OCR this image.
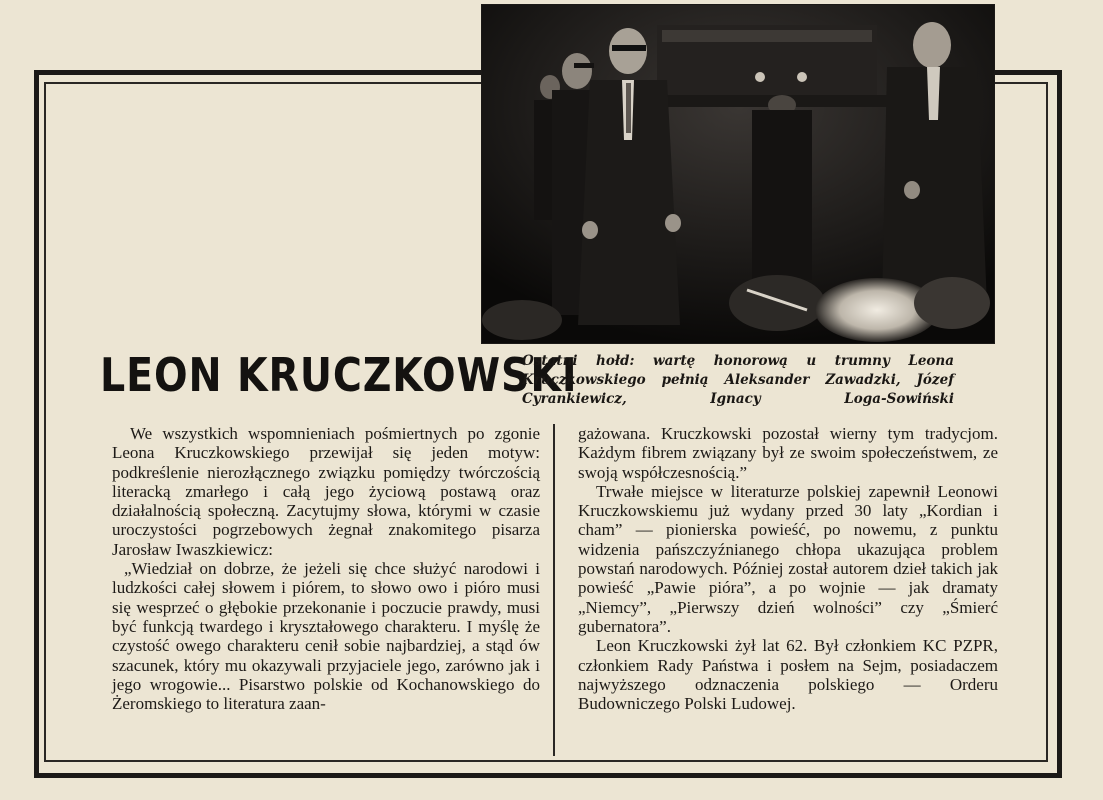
LEON KRUCZKOWSKI
Ostatni hołd: wartę honorową u trumny Leona Kruczkowskiego pełnią Aleksander Zawadzki, Józef Cyrankiewicz, Ignacy Loga-Sowiński

We wszystkich wspomnieniach pośmiertnych po zgonie Leona Kruczkowskiego przewijał się jeden motyw: podkreślenie nierozłącznego związku pomiędzy twórczością literacką zmarłego i całą jego życiową postawą oraz działalnością społeczną. Zacytujmy słowa, którymi w czasie uroczystości pogrzebowych żegnał znakomitego pisarza Jarosław Iwaszkiewicz:

„Wiedział on dobrze, że jeżeli się chce służyć narodowi i ludzkości całej słowem i piórem, to słowo owo i pióro musi się wesprzeć o głębokie przekonanie i poczucie prawdy, musi być funkcją twardego i kryształowego charakteru. I myślę że czystość owego charakteru cenił sobie najbardziej, a stąd ów szacunek, który mu okazywali przyjaciele jego, zarówno jak i jego wrogowie... Pisarstwo polskie od Kochanowskiego do Żeromskiego to literatura zaan-

gażowana. Kruczkowski pozostał wierny tym tradycjom. Każdym fibrem związany był ze swoim społeczeństwem, ze swoją współczesnością.”

Trwałe miejsce w literaturze polskiej zapewnił Leonowi Kruczkowskiemu już wydany przed 30 laty „Kordian i cham” — pionierska powieść, po nowemu, z punktu widzenia pańszczyźnianego chłopa ukazująca problem powstań narodowych. Później został autorem dzieł takich jak powieść „Pawie pióra”, a po wojnie — jak dramaty „Niemcy”, „Pierwszy dzień wolności” czy „Śmierć gubernatora”.

Leon Kruczkowski żył lat 62. Był członkiem KC PZPR, członkiem Rady Państwa i posłem na Sejm, posiadaczem najwyższego odznaczenia polskiego — Orderu Budowniczego Polski Ludowej.
